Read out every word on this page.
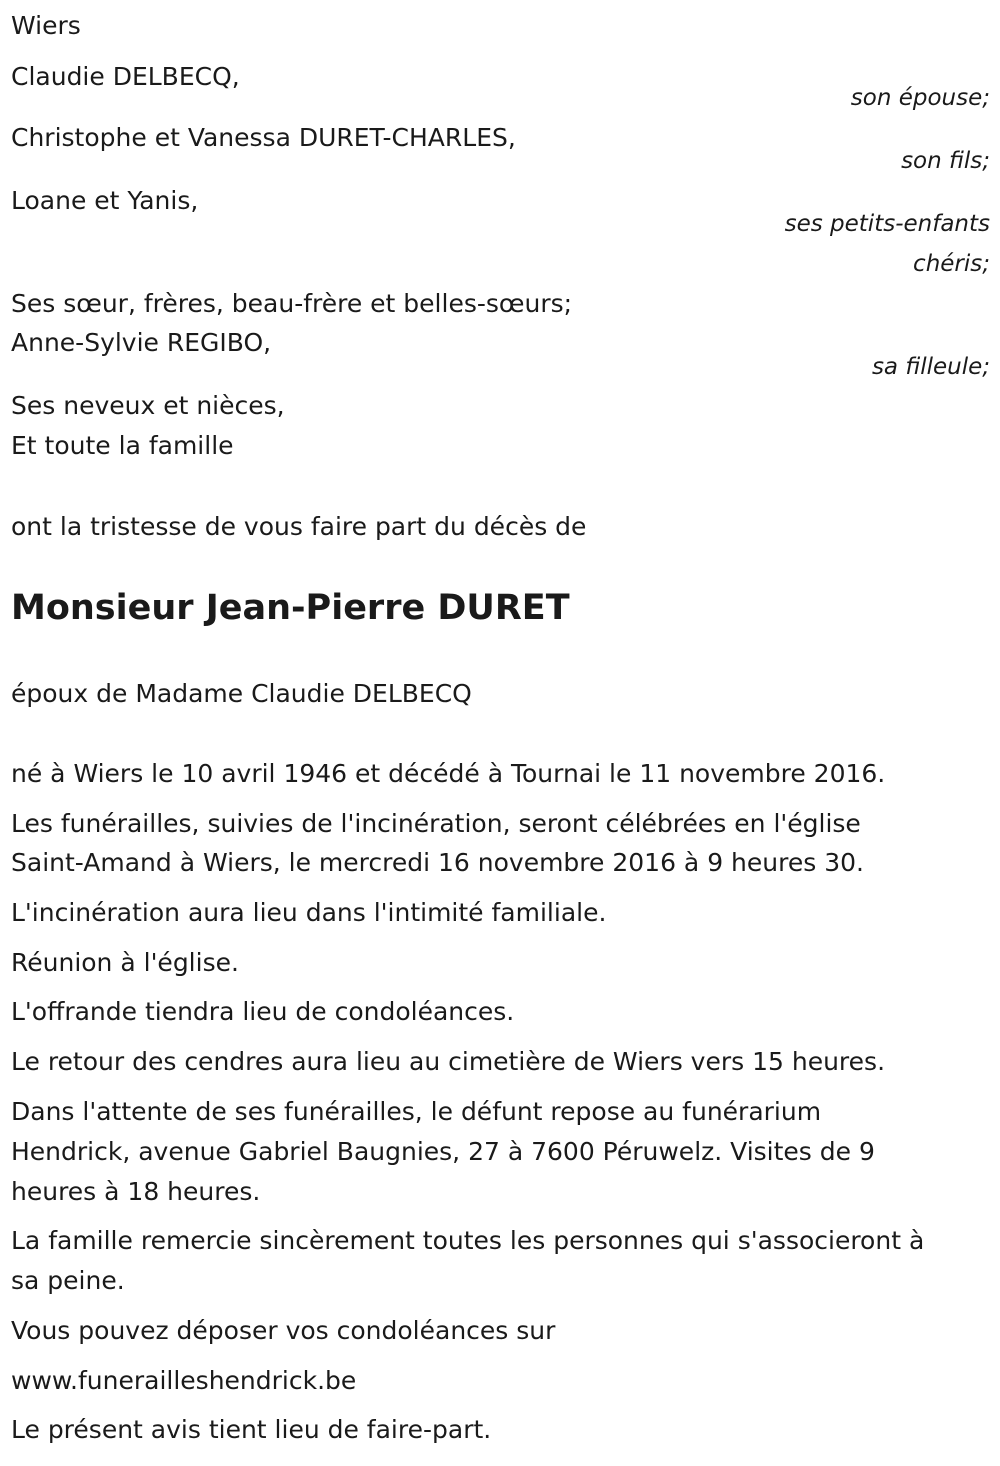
Wiers

Claudie DELBECQ,

son épouse;

Christophe et Vanessa DURET-CHARLES,

son fils;

Loane et Yanis,

ses petits-enfants

chéris;

Ses sœur, frères, beau-frère et belles-sœurs;

Anne-Sylvie REGIBO,

sa filleule;

Ses neveux et nièces,

Et toute la famille

ont la tristesse de vous faire part du décès de

Monsieur Jean-Pierre DURET

époux de Madame Claudie DELBECQ

né à Wiers le 10 avril 1946 et décédé à Tournai le 11 novembre 2016.

Les funérailles, suivies de l'incinération, seront célébrées en l'église

Saint-Amand à Wiers, le mercredi 16 novembre 2016 à 9 heures 30.

L'incinération aura lieu dans l'intimité familiale.

Réunion à l'église.

L'offrande tiendra lieu de condoléances.

Le retour des cendres aura lieu au cimetière de Wiers vers 15 heures.

Dans l'attente de ses funérailles, le défunt repose au funérarium

Hendrick, avenue Gabriel Baugnies, 27 à 7600 Péruwelz. Visites de 9

heures à 18 heures.

La famille remercie sincèrement toutes les personnes qui s'associeront à

sa peine.

Vous pouvez déposer vos condoléances sur

www.funerailleshendrick.be

Le présent avis tient lieu de faire-part.
